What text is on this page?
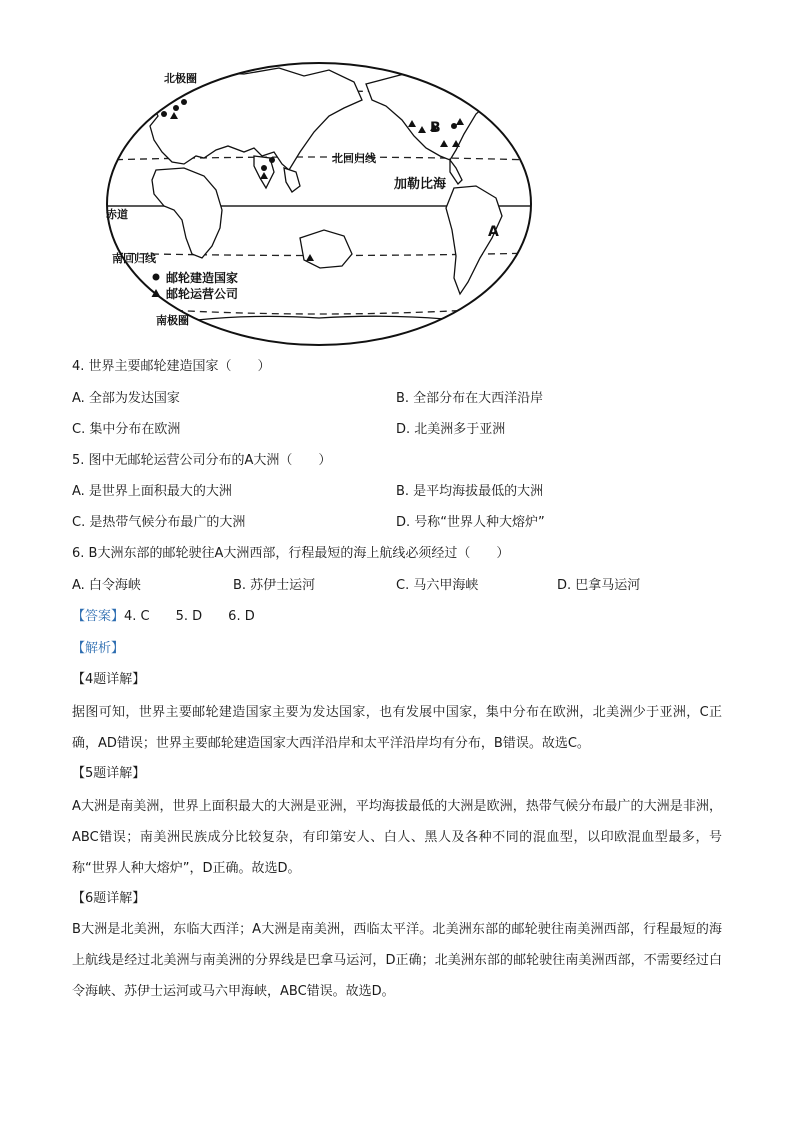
北极圈
北回归线
加勒比海
赤道
南回归线
南极圈
A
B
邮轮建造国家
邮轮运营公司
4. 世界主要邮轮建造国家（　　）
A. 全部为发达国家	B. 全部分布在大西洋沿岸
C. 集中分布在欧洲	D. 北美洲多于亚洲
5. 图中无邮轮运营公司分布的A大洲（　　）
A. 是世界上面积最大的大洲	B. 是平均海拔最低的大洲
C. 是热带气候分布最广的大洲	D. 号称“世界人种大熔炉”
6. B大洲东部的邮轮驶往A大洲西部，行程最短的海上航线必须经过（　　）
A. 白令海峡	B. 苏伊士运河	C. 马六甲海峡	D. 巴拿马运河
【答案】4. C　　5. D　　6. D
【解析】
【4题详解】
据图可知，世界主要邮轮建造国家主要为发达国家，也有发展中国家，集中分布在欧洲，北美洲少于亚洲，C正确，AD错误；世界主要邮轮建造国家大西洋沿岸和太平洋沿岸均有分布，B错误。故选C。
【5题详解】
A大洲是南美洲，世界上面积最大的大洲是亚洲，平均海拔最低的大洲是欧洲，热带气候分布最广的大洲是非洲，ABC错误；南美洲民族成分比较复杂，有印第安人、白人、黑人及各种不同的混血型，以印欧混血型最多，号称“世界人种大熔炉”，D正确。故选D。
【6题详解】
B大洲是北美洲，东临大西洋；A大洲是南美洲，西临太平洋。北美洲东部的邮轮驶往南美洲西部，行程最短的海上航线是经过北美洲与南美洲的分界线是巴拿马运河，D正确；北美洲东部的邮轮驶往南美洲西部，不需要经过白令海峡、苏伊士运河或马六甲海峡，ABC错误。故选D。
